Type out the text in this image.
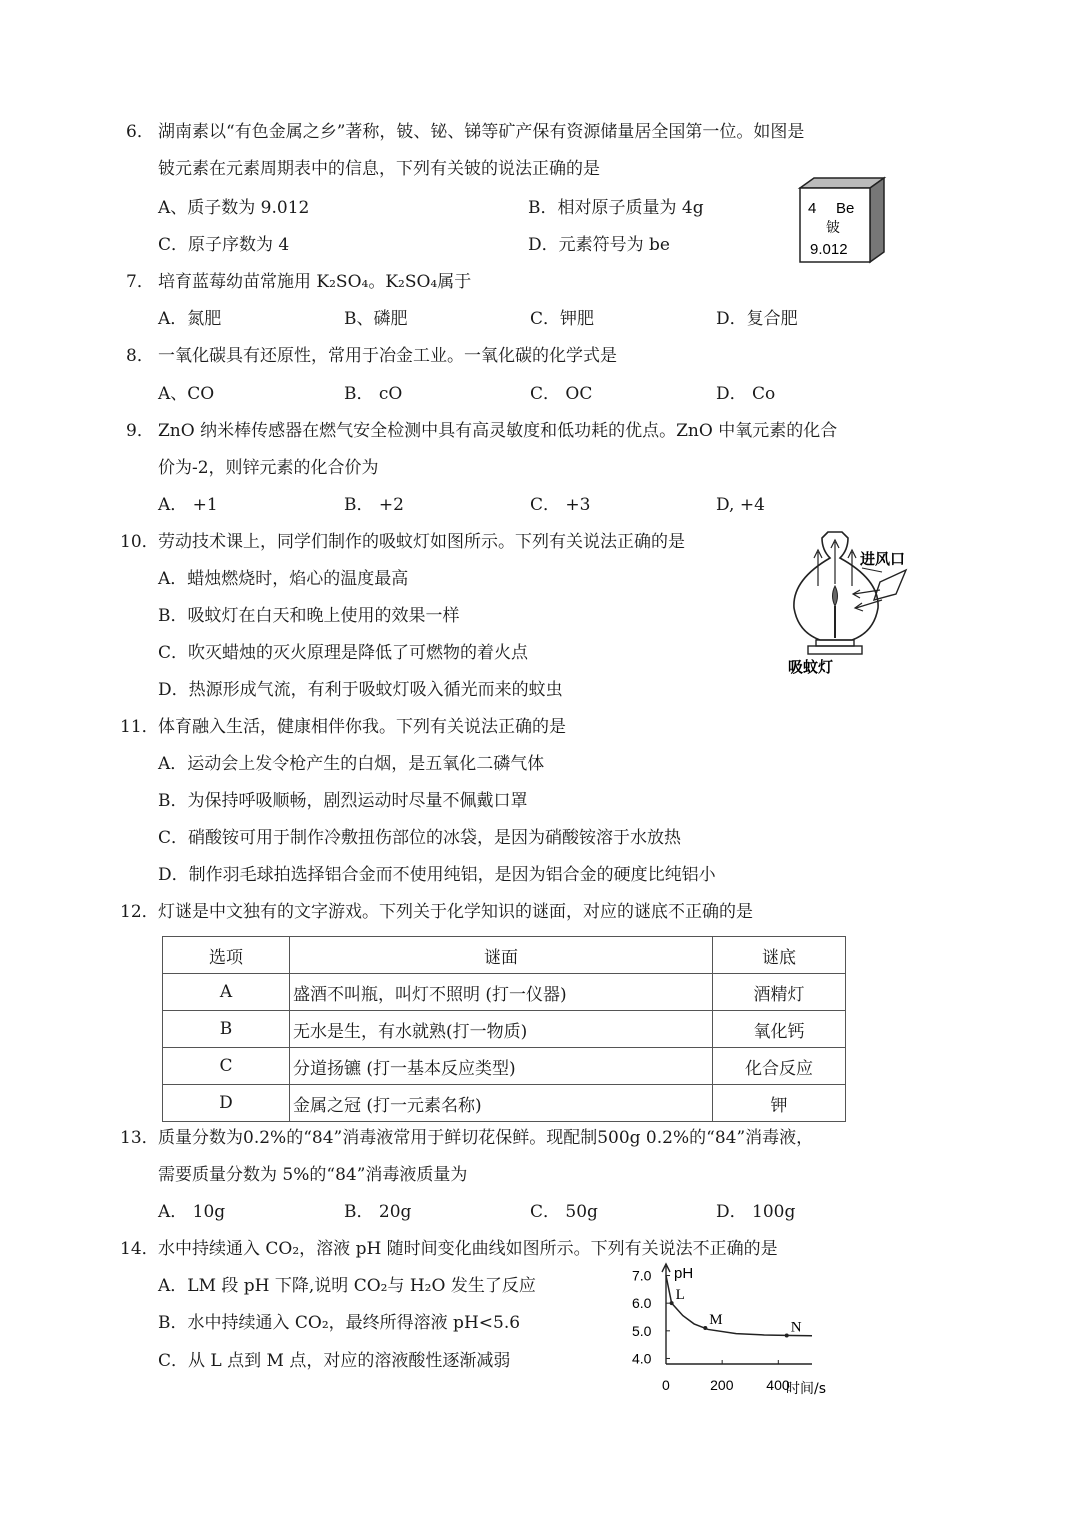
6． 湖南素以“有色金属之乡”著称，铍、铋、锑等矿产保有资源储量居全国第一位。如图是
铍元素在元素周期表中的信息，下列有关铍的说法正确的是
A、质子数为 9.012	B．相对原子质量为 4g
C．原子序数为 4	D．元素符号为 be
4 Be
铍
9.012
7． 培育蓝莓幼苗常施用 K₂SO₄。K₂SO₄属于
A．氮肥	B、磷肥	C．钾肥	D．复合肥
8． 一氧化碳具有还原性，常用于冶金工业。一氧化碳的化学式是
A、CO	B． cO	C． OC	D． Co
9． ZnO 纳米棒传感器在燃气安全检测中具有高灵敏度和低功耗的优点。ZnO 中氧元素的化合
价为-2，则锌元素的化合价为
A． +1	B． +2	C． +3	D, +4
10． 劳动技术课上，同学们制作的吸蚊灯如图所示。下列有关说法正确的是
A．蜡烛燃烧时，焰心的温度最高
B．吸蚊灯在白天和晚上使用的效果一样
C．吹灭蜡烛的灭火原理是降低了可燃物的着火点
D．热源形成气流，有利于吸蚊灯吸入循光而来的蚊虫
进风口
吸蚊灯
11． 体育融入生活，健康相伴你我。下列有关说法正确的是
A．运动会上发令枪产生的白烟，是五氧化二磷气体
B．为保持呼吸顺畅，剧烈运动时尽量不佩戴口罩
C．硝酸铵可用于制作冷敷扭伤部位的冰袋，是因为硝酸铵溶于水放热
D．制作羽毛球拍选择铝合金而不使用纯铝，是因为铝合金的硬度比纯铝小
12． 灯谜是中文独有的文字游戏。下列关于化学知识的谜面，对应的谜底不正确的是
选项	谜面	谜底
A	盛酒不叫瓶，叫灯不照明 (打一仪器)	酒精灯
B	无水是生，有水就熟(打一物质)	氧化钙
C	分道扬镳 (打一基本反应类型)	化合反应
D	金属之冠 (打一元素名称)	钾
13． 质量分数为0.2%的“84”消毒液常用于鲜切花保鲜。现配制500g 0.2%的“84”消毒液，
需要质量分数为 5%的“84”消毒液质量为
A． 10g	B． 20g	C． 50g	D． 100g
14． 水中持续通入 CO₂，溶液 pH 随时间变化曲线如图所示。下列有关说法不正确的是
A．LM 段 pH 下降,说明 CO₂与 H₂O 发生了反应
B．水中持续通入 CO₂，最终所得溶液 pH<5.6
C．从 L 点到 M 点，对应的溶液酸性逐渐减弱
pH
时间/s
7.0
6.0
5.0
4.0
0	200 400
L
M	N
